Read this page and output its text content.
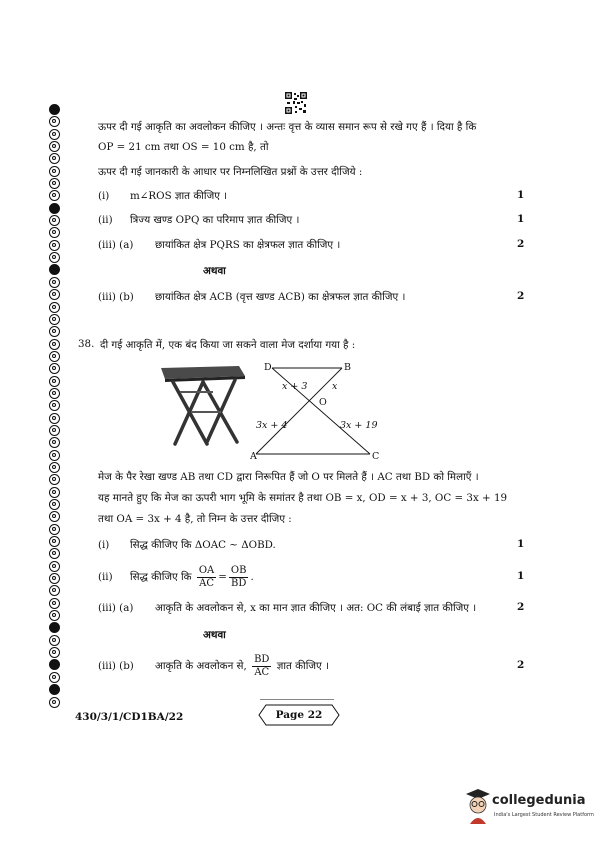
ऊपर दी गई आकृति का अवलोकन कीजिए । अन्तः वृत्त के व्यास समान रूप से रखे गए हैं । दिया है कि
OP = 21 cm तथा OS = 10 cm है, तो
ऊपर दी गई जानकारी के आधार पर निम्नलिखित प्रश्नों के उत्तर दीजिये :
(i) m∠ROS ज्ञात कीजिए ।	1
(ii) त्रिज्य खण्ड OPQ का परिमाप ज्ञात कीजिए ।	1
(iii) (a) छायांकित क्षेत्र PQRS का क्षेत्रफल ज्ञात कीजिए ।	2
अथवा
(iii) (b) छायांकित क्षेत्र ACB (वृत्त खण्ड ACB) का क्षेत्रफल ज्ञात कीजिए ।	2
38. दी गई आकृति में, एक बंद किया जा सकने वाला मेज दर्शाया गया है :
D	B
O
A	C
x + 3	x
3x + 4	3x + 19
मेज के पैर रेखा खण्ड AB तथा CD द्वारा निरूपित हैं जो O पर मिलते हैं । AC तथा BD को मिलाएँ ।
यह मानते हुए कि मेज का ऊपरी भाग भूमि के समांतर है तथा OB = x, OD = x + 3, OC = 3x + 19
तथा OA = 3x + 4 है, तो निम्न के उत्तर दीजिए :
(i) सिद्ध कीजिए कि ΔOAC ~ ΔOBD.	1
(ii) सिद्ध कीजिए कि $\frac{OA}{AC} = \frac{OB}{BD}$ .	1
(iii) (a) आकृति के अवलोकन से, x का मान ज्ञात कीजिए । अत: OC की लंबाई ज्ञात कीजिए ।	2
अथवा
(iii) (b) आकृति के अवलोकन से, $\frac{BD}{AC}$ ज्ञात कीजिए ।	2
430/3/1/CD1BA/22	Page 22
collegedunia
India's Largest Student Review Platform
